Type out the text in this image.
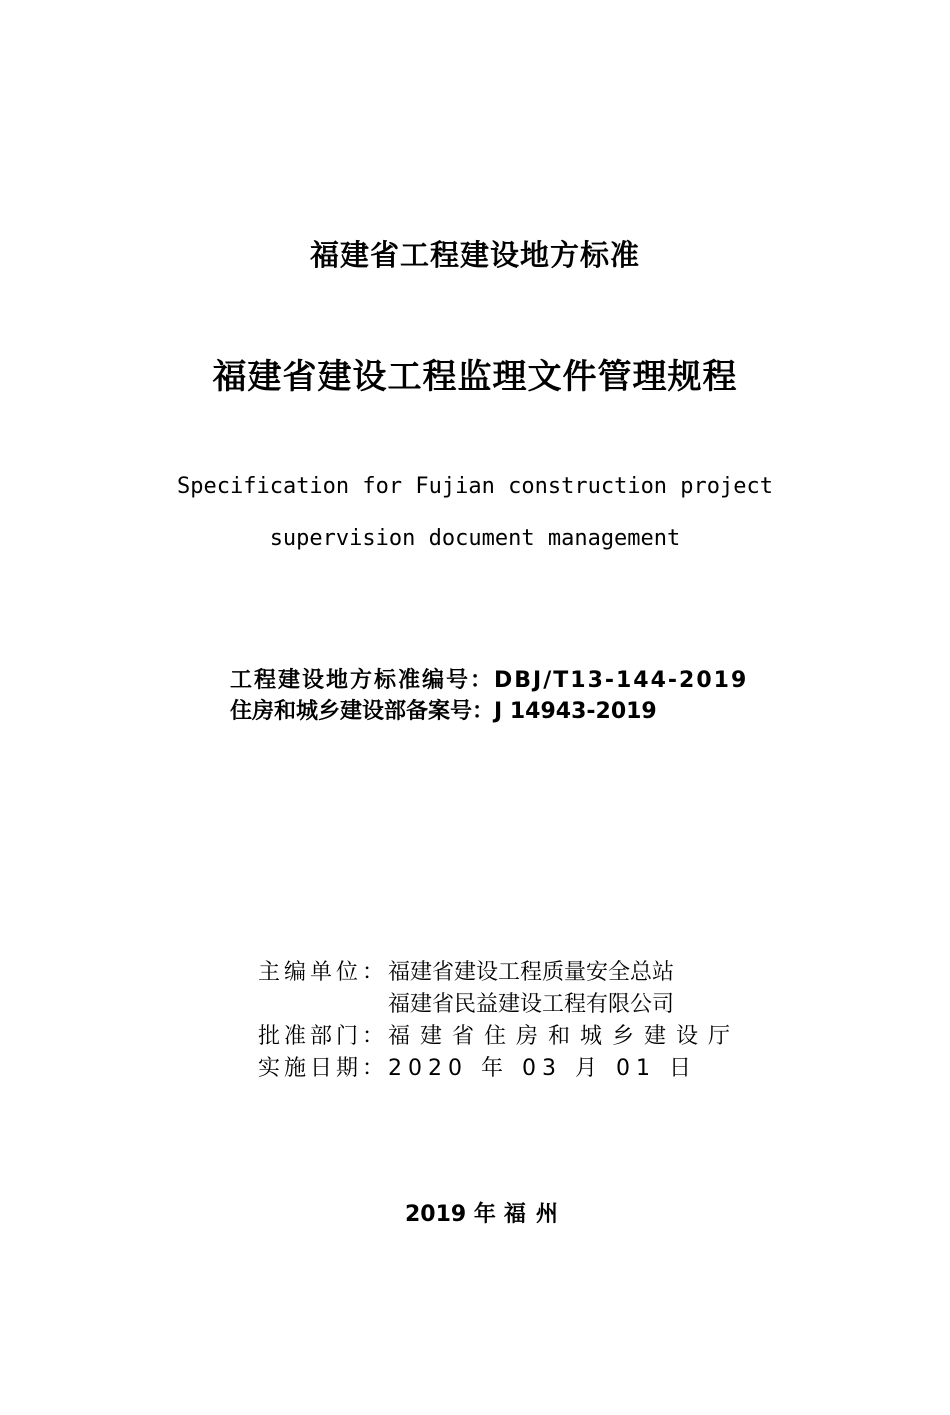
福建省工程建设地方标准
福建省建设工程监理文件管理规程
Specification for Fujian construction project
supervision document management
工程建设地方标准编号：DBJ/T13-144-2019
住房和城乡建设部备案号：J 14943-2019
主编单位：福建省建设工程质量安全总站
福建省民益建设工程有限公司
批准部门：福建省住房和城乡建设厅
实施日期：2020 年 03 月 01 日
2019 年 福州
